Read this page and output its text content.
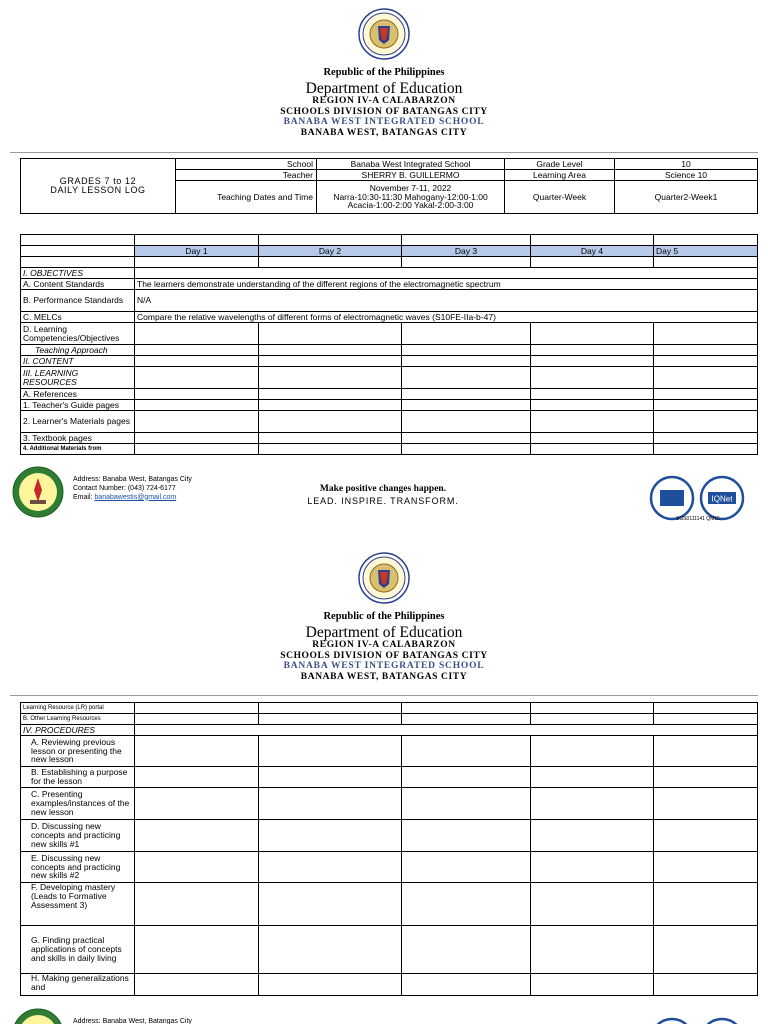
Republic of the Philippines
Department of Education
REGION IV-A CALABARZON
SCHOOLS DIVISION OF BATANGAS CITY
BANABA WEST INTEGRATED SCHOOL
BANABA WEST, BATANGAS CITY
GRADES 7 to 12
DAILY LESSON LOG	School	Banaba West Integrated School	Grade Level	10
	Teacher	SHERRY B. GUILLERMO	Learning Area	Science 10
	Teaching Dates and Time	November 7-11, 2022
Narra-10:30-11:30 Mahogany-12:00-1:00
Acacia-1:00-2:00 Yakal-2:00-3:00	Quarter-Week	Quarter2-Week1

	Day 1	Day 2	Day 3	Day 4	Day 5

I. OBJECTIVES					
A. Content Standards	The learners demonstrate understanding of the different regions of the electromagnetic spectrum				
B. Performance Standards	N/A				
C. MELCs	Compare the relative wavelengths of different forms of electromagnetic waves (S10FE-IIa-b-47)				
D. Learning Competencies/Objectives					
Teaching Approach					
II. CONTENT					
III. LEARNING RESOURCES					
A. References					
1. Teacher's Guide pages					
2. Learner's Materials pages					
3. Textbook pages					
4. Additional Materials from					
Address: Banaba West, Batangas City
Contact Number: (043) 724-6177
Email: banabawestis@gmail.com
Make positive changes happen.
LEAD. INSPIRE. TRANSFORM.	IQNet
SGS0111141 QM15
Republic of the Philippines
Department of Education
REGION IV-A CALABARZON
SCHOOLS DIVISION OF BATANGAS CITY
BANABA WEST INTEGRATED SCHOOL
BANABA WEST, BATANGAS CITY
Learning Resource (LR) portal					
B. Other Learning Resources					
IV. PROCEDURES					
A. Reviewing previous lesson or presenting the new lesson					
B. Establishing a purpose for the lesson					
C. Presenting examples/instances of the new lesson					
D. Discussing new concepts and practicing new skills #1					
E. Discussing new concepts and practicing new skills #2					
F. Developing mastery (Leads to Formative Assessment 3)					
G. Finding practical applications of concepts and skills in daily living					
H. Making generalizations and					
Address: Banaba West, Batangas City
